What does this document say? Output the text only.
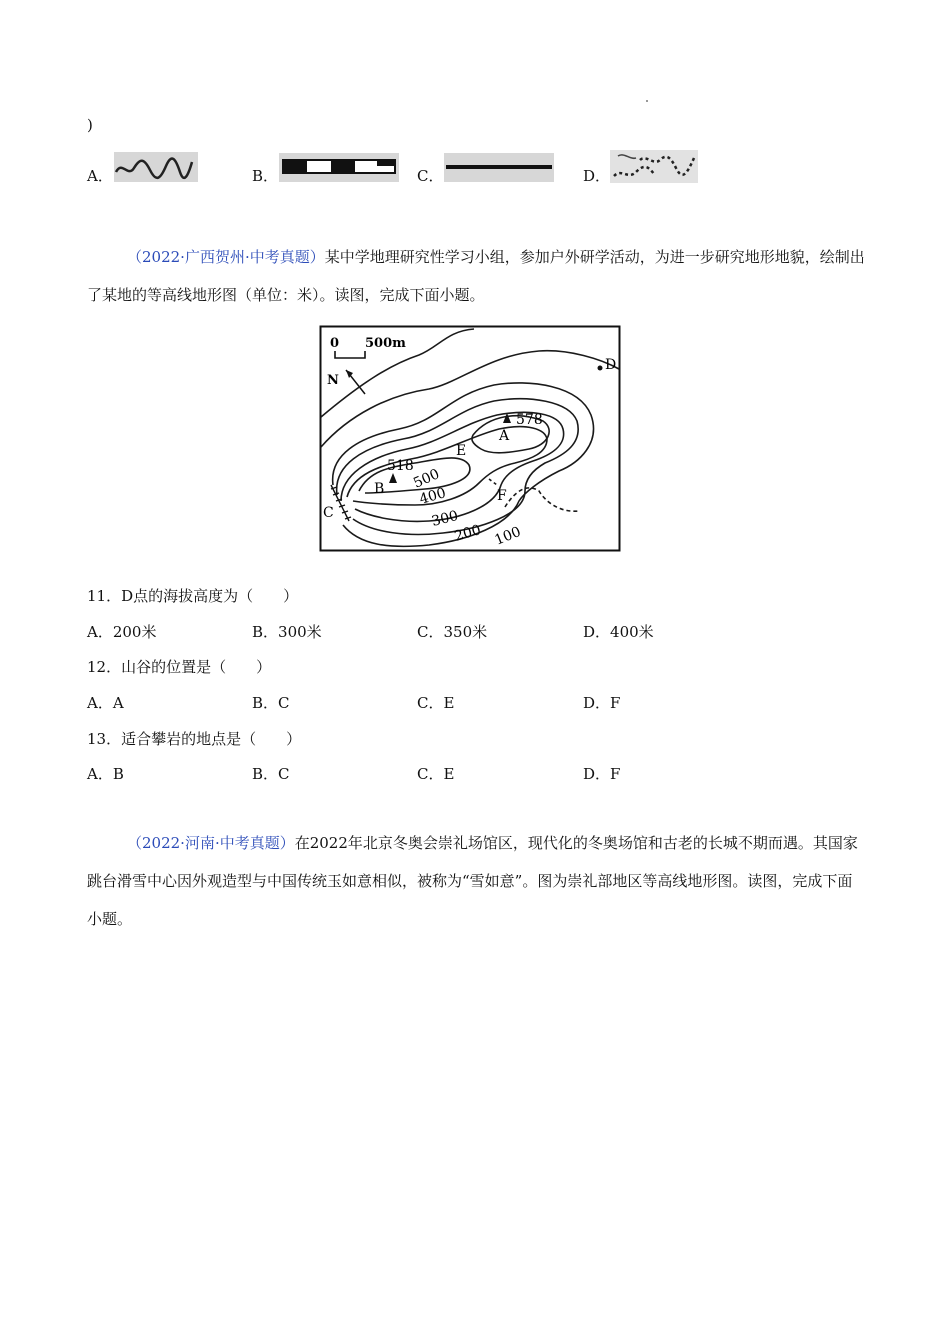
)
A．	B．	C．	D．
（2022·广西贺州·中考真题）某中学地理研究性学习小组，参加户外研学活动，为进一步研究地形地貌，绘制出了某地的等高线地形图（单位：米）。读图，完成下面小题。
0 500m
N
578
A
518
B
C
D
E
F
500
400
300
200 100
11．D点的海拔高度为（　　）
A．200米	B．300米	C．350米	D．400米
12．山谷的位置是（　　）
A．A	B．C	C．E	D．F
13．适合攀岩的地点是（　　）
A．B	B．C	C．E	D．F
（2022·河南·中考真题）在2022年北京冬奥会崇礼场馆区，现代化的冬奥场馆和古老的长城不期而遇。其国家跳台滑雪中心因外观造型与中国传统玉如意相似，被称为“雪如意”。图为崇礼部地区等高线地形图。读图，完成下面小题。
